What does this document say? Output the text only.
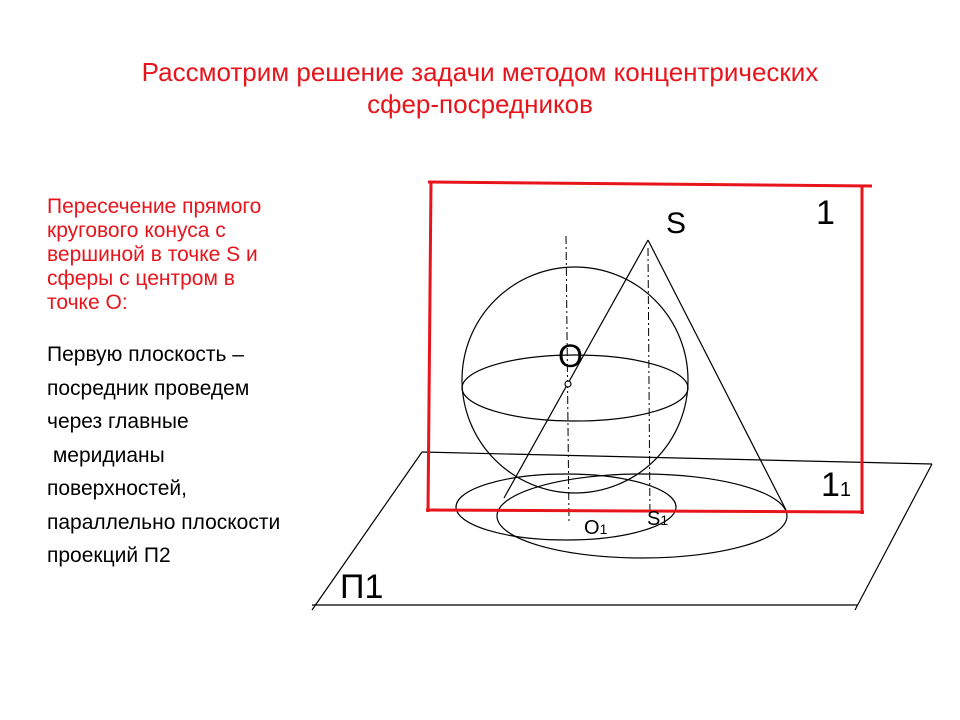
Рассмотрим решение задачи методом концентрических
сфер-посредников
Пересечение прямого
кругового конуса с
вершиной в точке S и
сферы с центром в
точке О:
Первую плоскость –
посредник проведем
через главные
меридианы
поверхностей,
параллельно плоскости
проекций П2
S	1
O
11
O1 S1
П1
